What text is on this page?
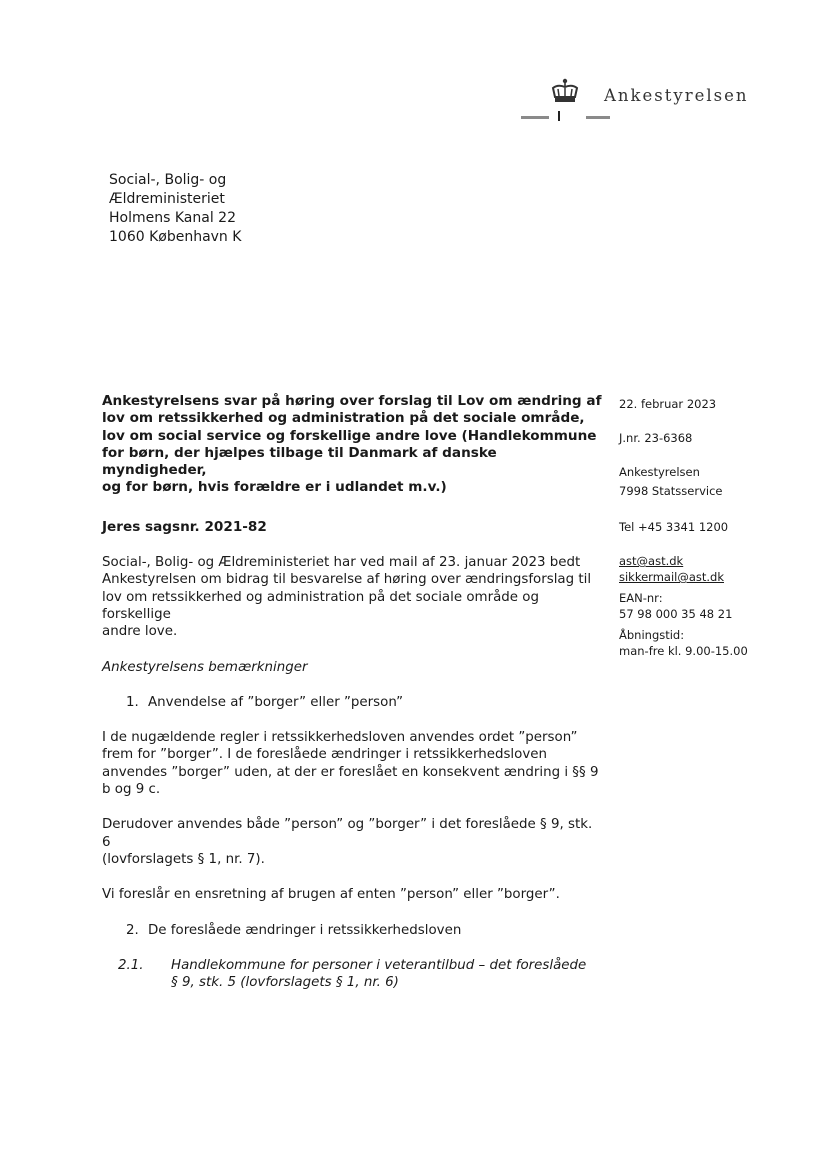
Ankestyrelsen
Social-, Bolig- og
Ældreministeriet
Holmens Kanal 22
1060 København K
Ankestyrelsens svar på høring over forslag til Lov om ændring af
lov om retssikkerhed og administration på det sociale område,
lov om social service og forskellige andre love (Handlekommune
for børn, der hjælpes tilbage til Danmark af danske myndigheder,
og for børn, hvis forældre er i udlandet m.v.)
Jeres sagsnr. 2021-82
Social-, Bolig- og Ældreministeriet har ved mail af 23. januar 2023 bedt
Ankestyrelsen om bidrag til besvarelse af høring over ændringsforslag til
lov om retssikkerhed og administration på det sociale område og forskellige
andre love.
Ankestyrelsens bemærkninger
1. Anvendelse af ”borger” eller ”person”
I de nugældende regler i retssikkerhedsloven anvendes ordet ”person”
frem for ”borger”. I de foreslåede ændringer i retssikkerhedsloven
anvendes ”borger” uden, at der er foreslået en konsekvent ændring i §§ 9
b og 9 c.
Derudover anvendes både ”person” og ”borger” i det foreslåede § 9, stk. 6
(lovforslagets § 1, nr. 7).
Vi foreslår en ensretning af brugen af enten ”person” eller ”borger”.
2. De foreslåede ændringer i retssikkerhedsloven
2.1.	Handlekommune for personer i veterantilbud – det foreslåede
§ 9, stk. 5 (lovforslagets § 1, nr. 6)
22. februar 2023
J.nr. 23-6368
Ankestyrelsen
7998 Statsservice
Tel +45 3341 1200
ast@ast.dk
sikkermail@ast.dk
EAN-nr:
57 98 000 35 48 21
Åbningstid:
man-fre kl. 9.00-15.00
